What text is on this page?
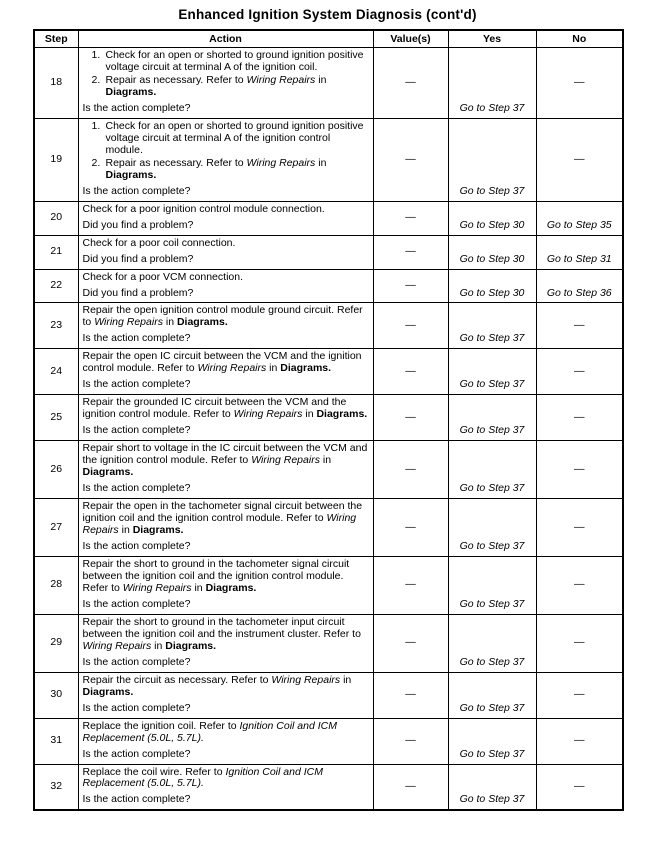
Enhanced Ignition System Diagnosis (cont'd)
Step	Action	Value(s)	Yes	No
18	1. Check for an open or shorted to ground ignition positive voltage circuit at terminal A of the ignition coil.
2. Repair as necessary. Refer to Wiring Repairs in Diagrams.
Is the action complete?	—	Go to Step 37	—
19	1. Check for an open or shorted to ground ignition positive voltage circuit at terminal A of the ignition control module.
2. Repair as necessary. Refer to Wiring Repairs in Diagrams.
Is the action complete?	—	Go to Step 37	—
20	Check for a poor ignition control module connection.
Did you find a problem?	—	Go to Step 30	Go to Step 35
21	Check for a poor coil connection.
Did you find a problem?	—	Go to Step 30	Go to Step 31
22	Check for a poor VCM connection.
Did you find a problem?	—	Go to Step 30	Go to Step 36
23	Repair the open ignition control module ground circuit. Refer to Wiring Repairs in Diagrams.
Is the action complete?	—	Go to Step 37	—
24	Repair the open IC circuit between the VCM and the ignition control module. Refer to Wiring Repairs in Diagrams.
Is the action complete?	—	Go to Step 37	—
25	Repair the grounded IC circuit between the VCM and the ignition control module. Refer to Wiring Repairs in Diagrams.
Is the action complete?	—	Go to Step 37	—
26	Repair short to voltage in the IC circuit between the VCM and the ignition control module. Refer to Wiring Repairs in Diagrams.
Is the action complete?	—	Go to Step 37	—
27	Repair the open in the tachometer signal circuit between the ignition coil and the ignition control module. Refer to Wiring Repairs in Diagrams.
Is the action complete?	—	Go to Step 37	—
28	Repair the short to ground in the tachometer signal circuit between the ignition coil and the ignition control module. Refer to Wiring Repairs in Diagrams.
Is the action complete?	—	Go to Step 37	—
29	Repair the short to ground in the tachometer input circuit between the ignition coil and the instrument cluster. Refer to Wiring Repairs in Diagrams.
Is the action complete?	—	Go to Step 37	—
30	Repair the circuit as necessary. Refer to Wiring Repairs in Diagrams.
Is the action complete?	—	Go to Step 37	—
31	Replace the ignition coil. Refer to Ignition Coil and ICM Replacement (5.0L, 5.7L).
Is the action complete?	—	Go to Step 37	—
32	Replace the coil wire. Refer to Ignition Coil and ICM Replacement (5.0L, 5.7L).
Is the action complete?	—	Go to Step 37	—
